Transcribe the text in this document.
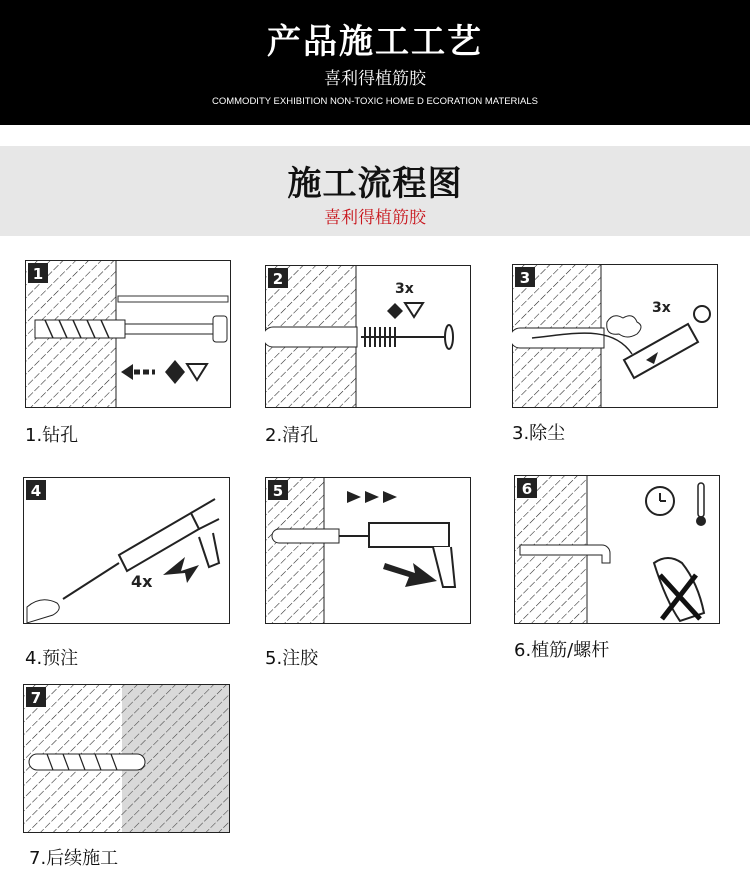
产品施工工艺
喜利得植筋胶
COMMODITY EXHIBITION NON-TOXIC HOME D ECORATION MATERIALS
施工流程图
喜利得植筋胶
1
1.钻孔
3x
2
2.清孔
3x
3
3.除尘
4x
4
4.预注
5
5.注胶
6
6.植筋/螺杆
7
7.后续施工
